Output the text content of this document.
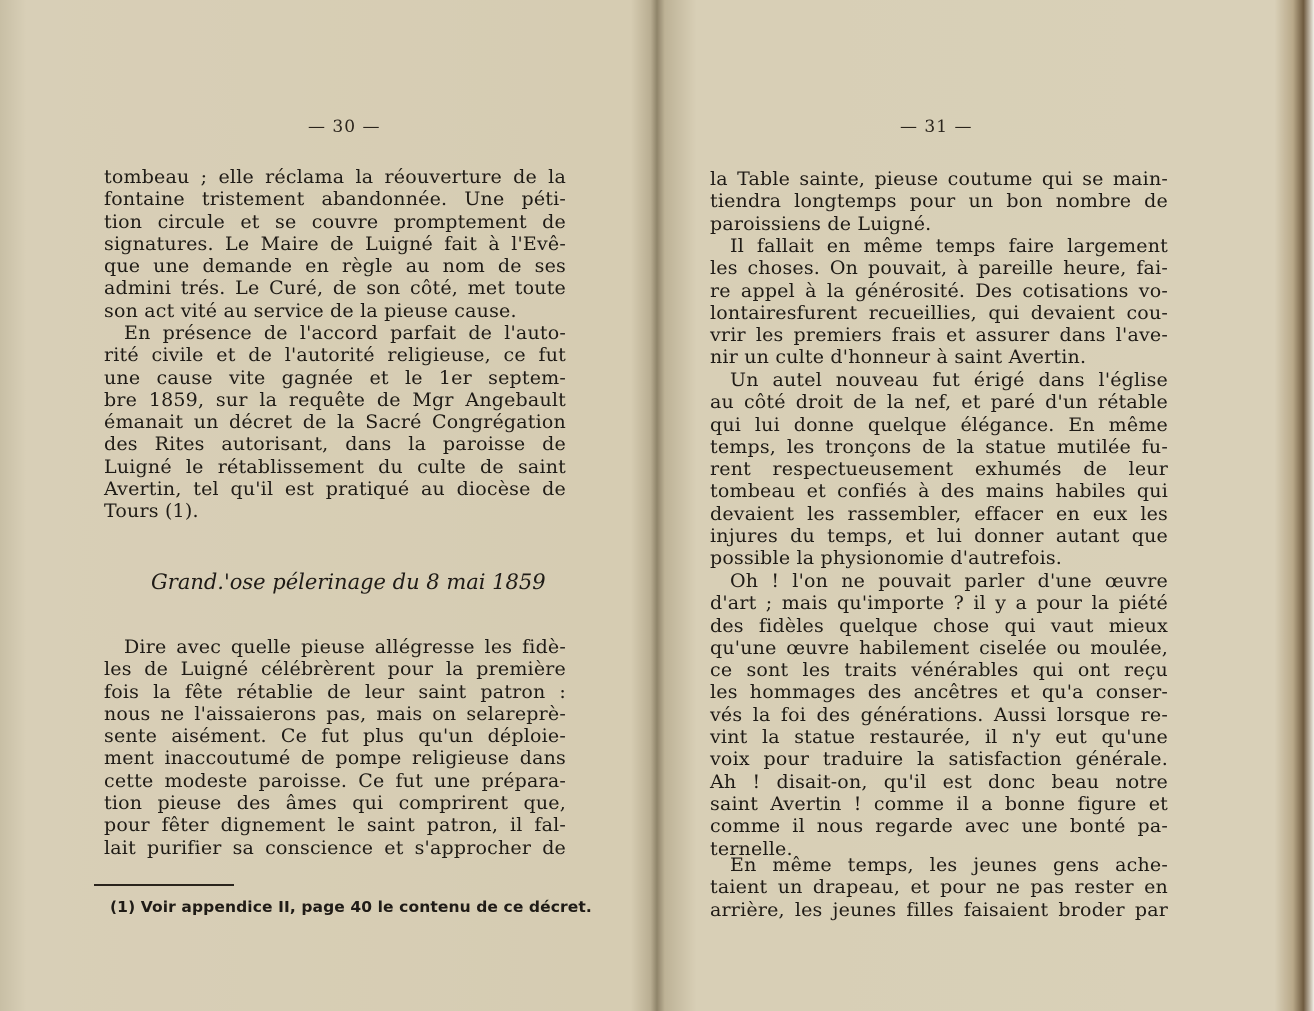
— 30 —
tombeau ; elle réclama la réouverture de la
fontaine tristement abandonnée. Une péti-
tion circule et se couvre promptement de
signatures. Le Maire de Luigné fait à l'Evê-
que une demande en règle au nom de ses
admini trés. Le Curé, de son côté, met toute
son act vité au service de la pieuse cause.
En présence de l'accord parfait de l'auto-
rité civile et de l'autorité religieuse, ce fut
une cause vite gagnée et le 1er septem-
bre 1859, sur la requête de Mgr Angebault
émanait un décret de la Sacré Congrégation
des Rites autorisant, dans la paroisse de
Luigné le rétablissement du culte de saint
Avertin, tel qu'il est pratiqué au diocèse de
Tours (1).
Grand.'ose pélerinage du 8 mai 1859
Dire avec quelle pieuse allégresse les fidè-
les de Luigné célébrèrent pour la première
fois la fête rétablie de leur saint patron :
nous ne l'aissaierons pas, mais on selareprè-
sente aisément. Ce fut plus qu'un déploie-
ment inaccoutumé de pompe religieuse dans
cette modeste paroisse. Ce fut une prépara-
tion pieuse des âmes qui comprirent que,
pour fêter dignement le saint patron, il fal-
lait purifier sa conscience et s'approcher de
(1) Voir appendice II, page 40 le contenu de ce décret.
— 31 —
la Table sainte, pieuse coutume qui se main-
tiendra longtemps pour un bon nombre de
paroissiens de Luigné.
Il fallait en même temps faire largement
les choses. On pouvait, à pareille heure, fai-
re appel à la générosité. Des cotisations vo-
lontairesfurent recueillies, qui devaient cou-
vrir les premiers frais et assurer dans l'ave-
nir un culte d'honneur à saint Avertin.
Un autel nouveau fut érigé dans l'église
au côté droit de la nef, et paré d'un rétable
qui lui donne quelque élégance. En même
temps, les tronçons de la statue mutilée fu-
rent respectueusement exhumés de leur
tombeau et confiés à des mains habiles qui
devaient les rassembler, effacer en eux les
injures du temps, et lui donner autant que
possible la physionomie d'autrefois.
Oh ! l'on ne pouvait parler d'une œuvre
d'art ; mais qu'importe ? il y a pour la piété
des fidèles quelque chose qui vaut mieux
qu'une œuvre habilement ciselée ou moulée,
ce sont les traits vénérables qui ont reçu
les hommages des ancêtres et qu'a conser-
vés la foi des générations. Aussi lorsque re-
vint la statue restaurée, il n'y eut qu'une
voix pour traduire la satisfaction générale.
Ah ! disait-on, qu'il est donc beau notre
saint Avertin ! comme il a bonne figure et
comme il nous regarde avec une bonté pa-
ternelle.
En même temps, les jeunes gens ache-
taient un drapeau, et pour ne pas rester en
arrière, les jeunes filles faisaient broder par
